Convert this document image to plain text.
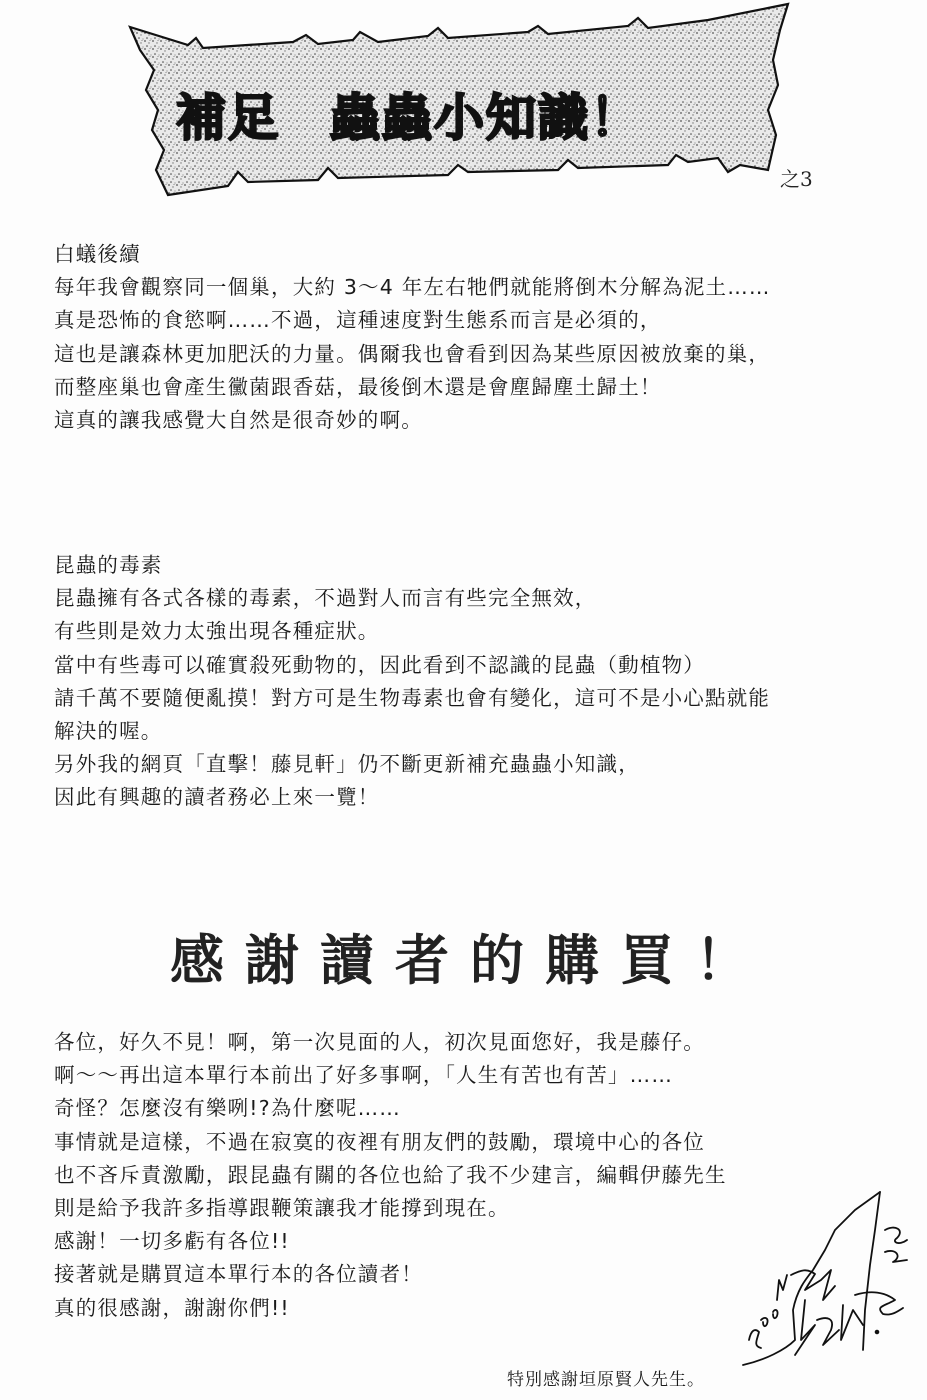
補足 蟲蟲小知識！
之3
白蟻後續
每年我會觀察同一個巢，大約 3～4 年左右牠們就能將倒木分解為泥土……
真是恐怖的食慾啊……不過，這種速度對生態系而言是必須的，
這也是讓森林更加肥沃的力量。偶爾我也會看到因為某些原因被放棄的巢，
而整座巢也會產生黴菌跟香菇，最後倒木還是會塵歸塵土歸土！
這真的讓我感覺大自然是很奇妙的啊。
昆蟲的毒素
昆蟲擁有各式各樣的毒素，不過對人而言有些完全無效，
有些則是效力太強出現各種症狀。
當中有些毒可以確實殺死動物的，因此看到不認識的昆蟲（動植物）
請千萬不要隨便亂摸！對方可是生物毒素也會有變化，這可不是小心點就能
解決的喔。
另外我的網頁「直擊！藤見軒」仍不斷更新補充蟲蟲小知識，
因此有興趣的讀者務必上來一覽！
感謝讀者的購買！
各位，好久不見！啊，第一次見面的人，初次見面您好，我是藤仔。
啊～～再出這本單行本前出了好多事啊，「人生有苦也有苦」……
奇怪？怎麼沒有樂咧!?為什麼呢……
事情就是這樣，不過在寂寞的夜裡有朋友們的鼓勵，環境中心的各位
也不吝斥責激勵，跟昆蟲有關的各位也給了我不少建言，編輯伊藤先生
則是給予我許多指導跟鞭策讓我才能撐到現在。
感謝！一切多虧有各位!!
接著就是購買這本單行本的各位讀者！
真的很感謝，謝謝你們!!
特別感謝垣原賢人先生。
